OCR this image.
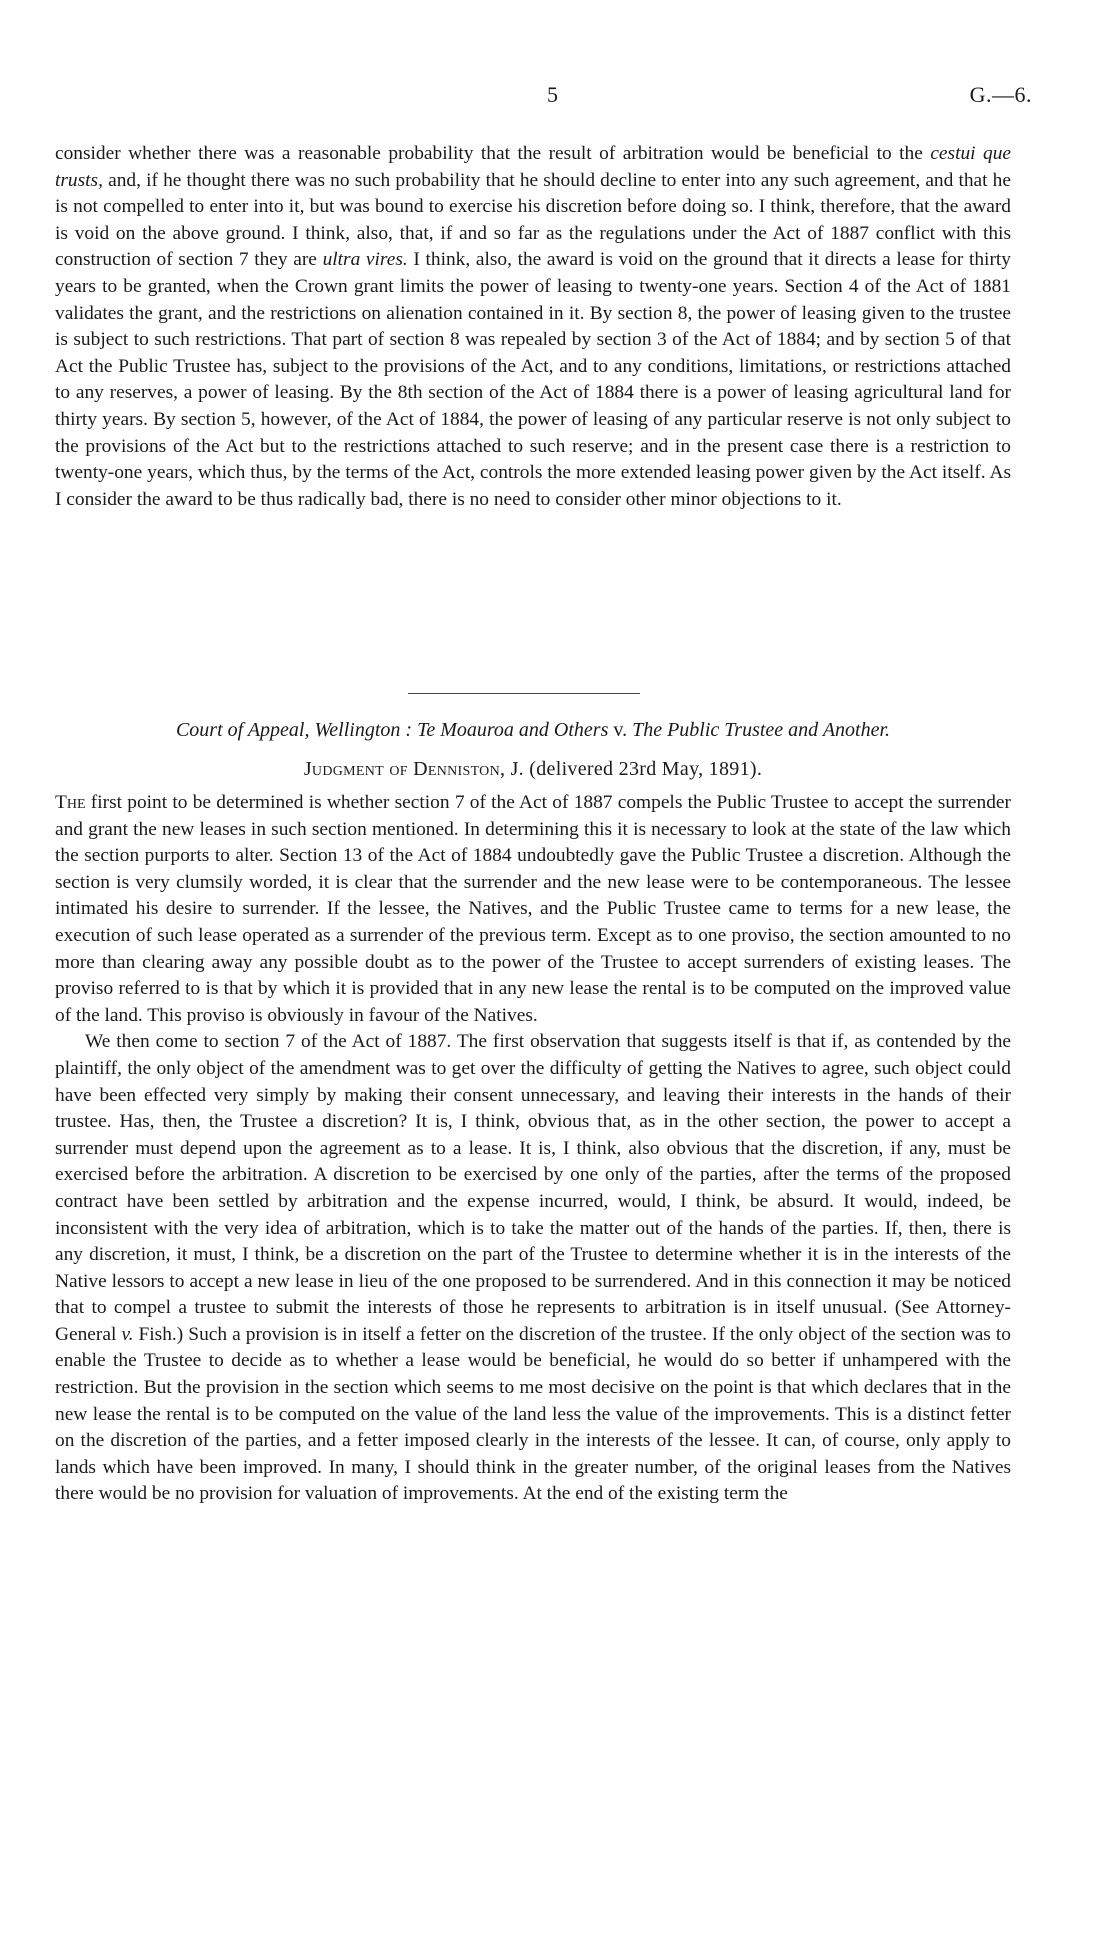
5	G.—6.

consider whether there was a reasonable probability that the result of arbitration would be beneficial to the cestui que trusts, and, if he thought there was no such probability that he should decline to enter into any such agreement, and that he is not compelled to enter into it, but was bound to exercise his discretion before doing so. I think, therefore, that the award is void on the above ground. I think, also, that, if and so far as the regulations under the Act of 1887 conflict with this construction of section 7 they are ultra vires. I think, also, the award is void on the ground that it directs a lease for thirty years to be granted, when the Crown grant limits the power of leasing to twenty-one years. Section 4 of the Act of 1881 validates the grant, and the restrictions on alienation contained in it. By section 8, the power of leasing given to the trustee is subject to such restrictions. That part of section 8 was repealed by section 3 of the Act of 1884; and by section 5 of that Act the Public Trustee has, subject to the provisions of the Act, and to any conditions, limitations, or restrictions attached to any reserves, a power of leasing. By the 8th section of the Act of 1884 there is a power of leasing agricultural land for thirty years. By section 5, however, of the Act of 1884, the power of leasing of any particular reserve is not only subject to the provisions of the Act but to the restrictions attached to such reserve; and in the present case there is a restriction to twenty-one years, which thus, by the terms of the Act, controls the more extended leasing power given by the Act itself. As I consider the award to be thus radically bad, there is no need to consider other minor objections to it.

Court of Appeal, Wellington : Te Moauroa and Others v. The Public Trustee and Another.
Judgment of Denniston, J. (delivered 23rd May, 1891).

The first point to be determined is whether section 7 of the Act of 1887 compels the Public Trustee to accept the surrender and grant the new leases in such section mentioned. In determining this it is necessary to look at the state of the law which the section purports to alter. Section 13 of the Act of 1884 undoubtedly gave the Public Trustee a discretion. Although the section is very clumsily worded, it is clear that the surrender and the new lease were to be contemporaneous. The lessee intimated his desire to surrender. If the lessee, the Natives, and the Public Trustee came to terms for a new lease, the execution of such lease operated as a surrender of the previous term. Except as to one proviso, the section amounted to no more than clearing away any possible doubt as to the power of the Trustee to accept surrenders of existing leases. The proviso referred to is that by which it is provided that in any new lease the rental is to be computed on the improved value of the land. This proviso is obviously in favour of the Natives.

We then come to section 7 of the Act of 1887. The first observation that suggests itself is that if, as contended by the plaintiff, the only object of the amendment was to get over the difficulty of getting the Natives to agree, such object could have been effected very simply by making their consent unnecessary, and leaving their interests in the hands of their trustee. Has, then, the Trustee a discretion? It is, I think, obvious that, as in the other section, the power to accept a surrender must depend upon the agreement as to a lease. It is, I think, also obvious that the discretion, if any, must be exercised before the arbitration. A discretion to be exercised by one only of the parties, after the terms of the proposed contract have been settled by arbitration and the expense incurred, would, I think, be absurd. It would, indeed, be inconsistent with the very idea of arbitration, which is to take the matter out of the hands of the parties. If, then, there is any discretion, it must, I think, be a discretion on the part of the Trustee to determine whether it is in the interests of the Native lessors to accept a new lease in lieu of the one proposed to be surrendered. And in this connection it may be noticed that to compel a trustee to submit the interests of those he represents to arbitration is in itself unusual. (See Attorney-General v. Fish.) Such a provision is in itself a fetter on the discretion of the trustee. If the only object of the section was to enable the Trustee to decide as to whether a lease would be beneficial, he would do so better if unhampered with the restriction. But the provision in the section which seems to me most decisive on the point is that which declares that in the new lease the rental is to be computed on the value of the land less the value of the improvements. This is a distinct fetter on the discretion of the parties, and a fetter imposed clearly in the interests of the lessee. It can, of course, only apply to lands which have been improved. In many, I should think in the greater number, of the original leases from the Natives there would be no provision for valuation of improvements. At the end of the existing term the
